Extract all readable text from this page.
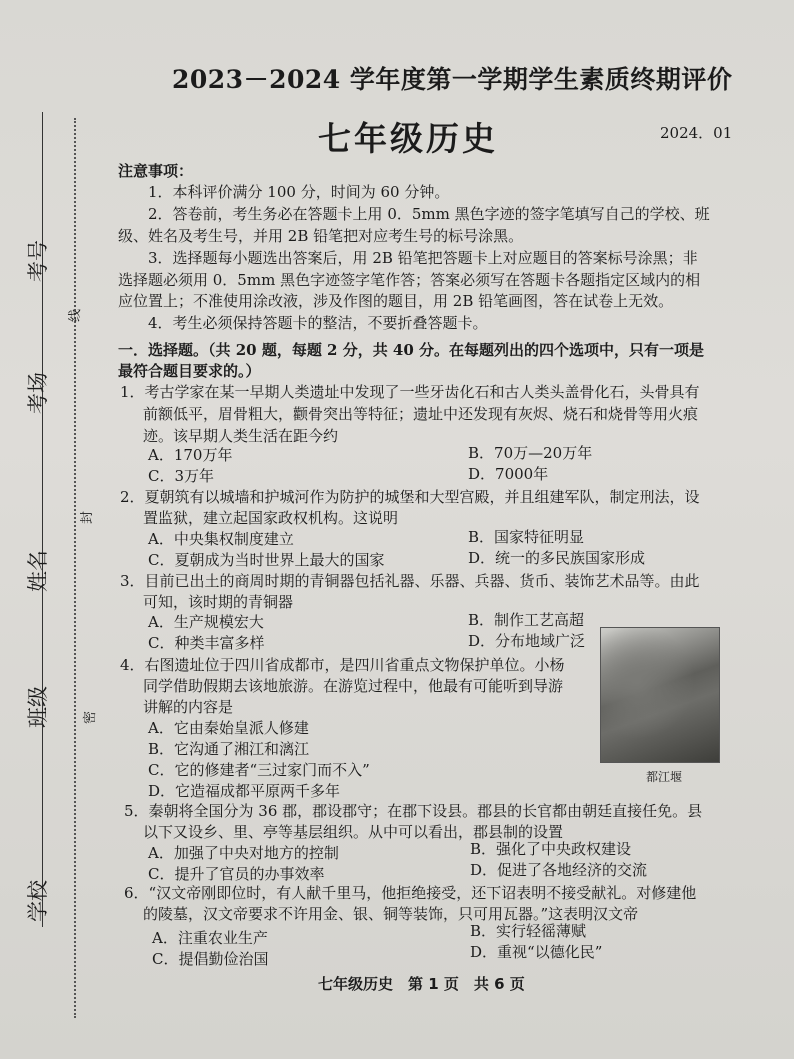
考号
考场
姓名
班级
学校
线
封
密
2023－2024 学年度第一学期学生素质终期评价
七年级历史	2024．01
注意事项：
1．本科评价满分 100 分，时间为 60 分钟。
2．答卷前，考生务必在答题卡上用 0．5mm 黑色字迹的签字笔填写自己的学校、班
级、姓名及考生号，并用 2B 铅笔把对应考生号的标号涂黑。
3．选择题每小题选出答案后，用 2B 铅笔把答题卡上对应题目的答案标号涂黑；非
选择题必须用 0．5mm 黑色字迹签字笔作答；答案必须写在答题卡各题指定区域内的相
应位置上；不准使用涂改液，涉及作图的题目，用 2B 铅笔画图，答在试卷上无效。
4．考生必须保持答题卡的整洁，不要折叠答题卡。
一．选择题。（共 20 题，每题 2 分，共 40 分。在每题列出的四个选项中，只有一项是
最符合题目要求的。）
1．考古学家在某一早期人类遗址中发现了一些牙齿化石和古人类头盖骨化石，头骨具有
前额低平，眉骨粗大，颧骨突出等特征；遗址中还发现有灰烬、烧石和烧骨等用火痕
迹。该早期人类生活在距今约
A．170万年	B．70万—20万年
C．3万年	D．7000年
2．夏朝筑有以城墙和护城河作为防护的城堡和大型宫殿，并且组建军队，制定刑法，设
置监狱，建立起国家政权机构。这说明
A．中央集权制度建立	B．国家特征明显
C．夏朝成为当时世界上最大的国家	D．统一的多民族国家形成
3．目前已出土的商周时期的青铜器包括礼器、乐器、兵器、货币、装饰艺术品等。由此
可知，该时期的青铜器
A．生产规模宏大	B．制作工艺高超
C．种类丰富多样	D．分布地域广泛
4．右图遗址位于四川省成都市，是四川省重点文物保护单位。小杨
同学借助假期去该地旅游。在游览过程中，他最有可能听到导游
讲解的内容是
A．它由秦始皇派人修建
B．它沟通了湘江和漓江
C．它的修建者“三过家门而不入”
D．它造福成都平原两千多年
都江堰
5．秦朝将全国分为 36 郡，郡设郡守；在郡下设县。郡县的长官都由朝廷直接任免。县
以下又设乡、里、亭等基层组织。从中可以看出，郡县制的设置
A．加强了中央对地方的控制	B．强化了中央政权建设
C．提升了官员的办事效率	D．促进了各地经济的交流
6．“汉文帝刚即位时，有人献千里马，他拒绝接受，还下诏表明不接受献礼。对修建他
的陵墓，汉文帝要求不许用金、银、铜等装饰，只可用瓦器。”这表明汉文帝
A．注重农业生产	B．实行轻徭薄赋
C．提倡勤俭治国	D．重视“以德化民”
七年级历史　第 1 页　共 6 页
